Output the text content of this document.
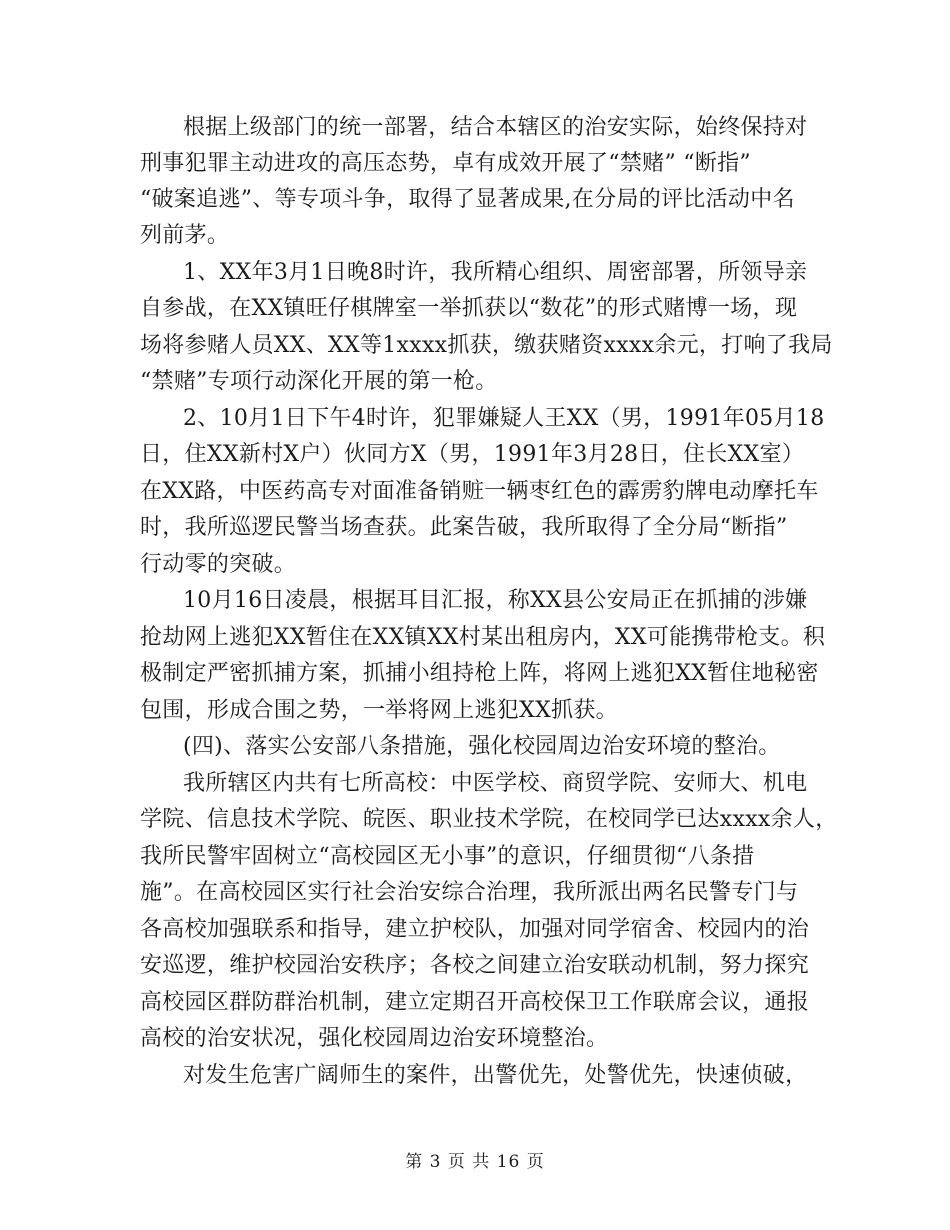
根据上级部门的统一部署，结合本辖区的治安实际，始终保持对
刑事犯罪主动进攻的高压态势，卓有成效开展了“禁赌” “断指”
“破案追逃”、等专项斗争，取得了显著成果,在分局的评比活动中名
列前茅。
1、XX年3月1日晚8时许，我所精心组织、周密部署，所领导亲
自参战，在XX镇旺仔棋牌室一举抓获以“数花”的形式赌博一场，现
场将参赌人员XX、XX等1xxxx抓获，缴获赌资xxxx余元，打响了我局
“禁赌”专项行动深化开展的第一枪。
2、10月1日下午4时许，犯罪嫌疑人王XX（男，1991年05月18
日，住XX新村X户）伙同方X（男，1991年3月28日，住长XX室）
在XX路，中医药高专对面准备销赃一辆枣红色的霹雳豹牌电动摩托车
时，我所巡逻民警当场查获。此案告破，我所取得了全分局“断指”
行动零的突破。
10月16日凌晨，根据耳目汇报，称XX县公安局正在抓捕的涉嫌
抢劫网上逃犯XX暂住在XX镇XX村某出租房内，XX可能携带枪支。积
极制定严密抓捕方案，抓捕小组持枪上阵，将网上逃犯XX暂住地秘密
包围，形成合围之势，一举将网上逃犯XX抓获。
(四)、落实公安部八条措施，强化校园周边治安环境的整治。
我所辖区内共有七所高校：中医学校、商贸学院、安师大、机电
学院、信息技术学院、皖医、职业技术学院，在校同学已达xxxx余人，
我所民警牢固树立“高校园区无小事”的意识，仔细贯彻“八条措
施”。在高校园区实行社会治安综合治理，我所派出两名民警专门与
各高校加强联系和指导，建立护校队，加强对同学宿舍、校园内的治
安巡逻，维护校园治安秩序；各校之间建立治安联动机制，努力探究
高校园区群防群治机制，建立定期召开高校保卫工作联席会议，通报
高校的治安状况，强化校园周边治安环境整治。
对发生危害广阔师生的案件，出警优先，处警优先，快速侦破，
第 3 页 共 16 页
